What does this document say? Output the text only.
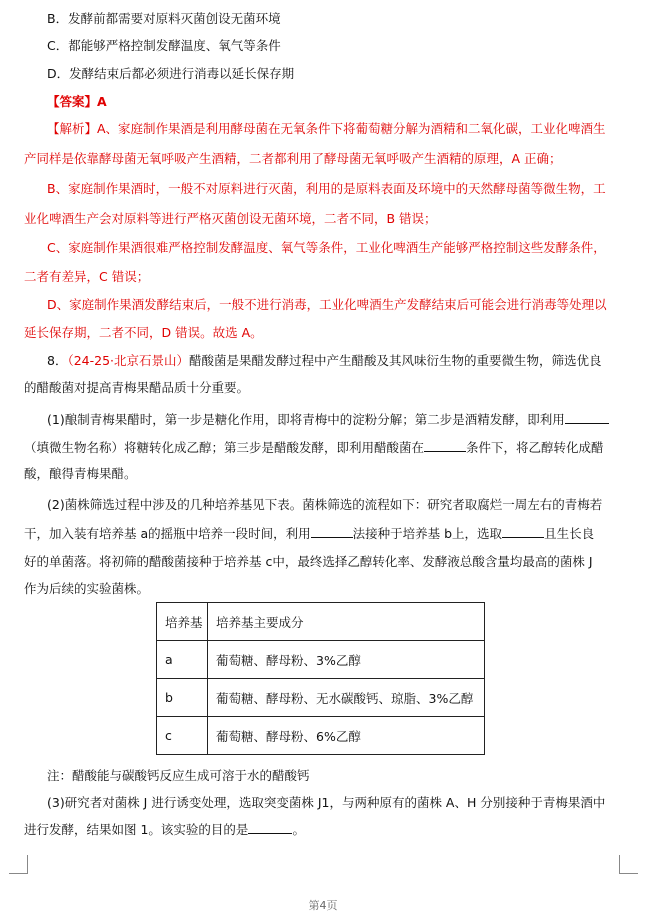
B．发酵前都需要对原料灭菌创设无菌环境
C．都能够严格控制发酵温度、氧气等条件
D．发酵结束后都必须进行消毒以延长保存期
【答案】A
【解析】A、家庭制作果酒是利用酵母菌在无氧条件下将葡萄糖分解为酒精和二氧化碳，工业化啤酒生
产同样是依靠酵母菌无氧呼吸产生酒精，二者都利用了酵母菌无氧呼吸产生酒精的原理，A 正确；
B、家庭制作果酒时，一般不对原料进行灭菌，利用的是原料表面及环境中的天然酵母菌等微生物，工
业化啤酒生产会对原料等进行严格灭菌创设无菌环境，二者不同，B 错误；
C、家庭制作果酒很难严格控制发酵温度、氧气等条件，工业化啤酒生产能够严格控制这些发酵条件，
二者有差异，C 错误；
D、家庭制作果酒发酵结束后，一般不进行消毒，工业化啤酒生产发酵结束后可能会进行消毒等处理以
延长保存期，二者不同，D 错误。故选 A。
8．（24-25·北京石景山）醋酸菌是果醋发酵过程中产生醋酸及其风味衍生物的重要微生物，筛选优良
的醋酸菌对提高青梅果醋品质十分重要。
(1)酿制青梅果醋时，第一步是糖化作用，即将青梅中的淀粉分解；第二步是酒精发酵，即利用
（填微生物名称）将糖转化成乙醇；第三步是醋酸发酵，即利用醋酸菌在	条件下，将乙醇转化成醋
酸，酿得青梅果醋。
(2)菌株筛选过程中涉及的几种培养基见下表。菌株筛选的流程如下：研究者取腐烂一周左右的青梅若
干，加入装有培养基 a的摇瓶中培养一段时间，利用	法接种于培养基 b上，选取	且生长良
好的单菌落。将初筛的醋酸菌接种于培养基 c中，最终选择乙醇转化率、发酵液总酸含量均最高的菌株 J
作为后续的实验菌株。
培养基	培养基主要成分
a	葡萄糖、酵母粉、3%乙醇
b	葡萄糖、酵母粉、无水碳酸钙、琼脂、3%乙醇
c	葡萄糖、酵母粉、6%乙醇
注：醋酸能与碳酸钙反应生成可溶于水的醋酸钙
(3)研究者对菌株 J 进行诱变处理，选取突变菌株 J1，与两种原有的菌株 A、H 分别接种于青梅果酒中
进行发酵，结果如图 1。该实验的目的是	。
第4页
